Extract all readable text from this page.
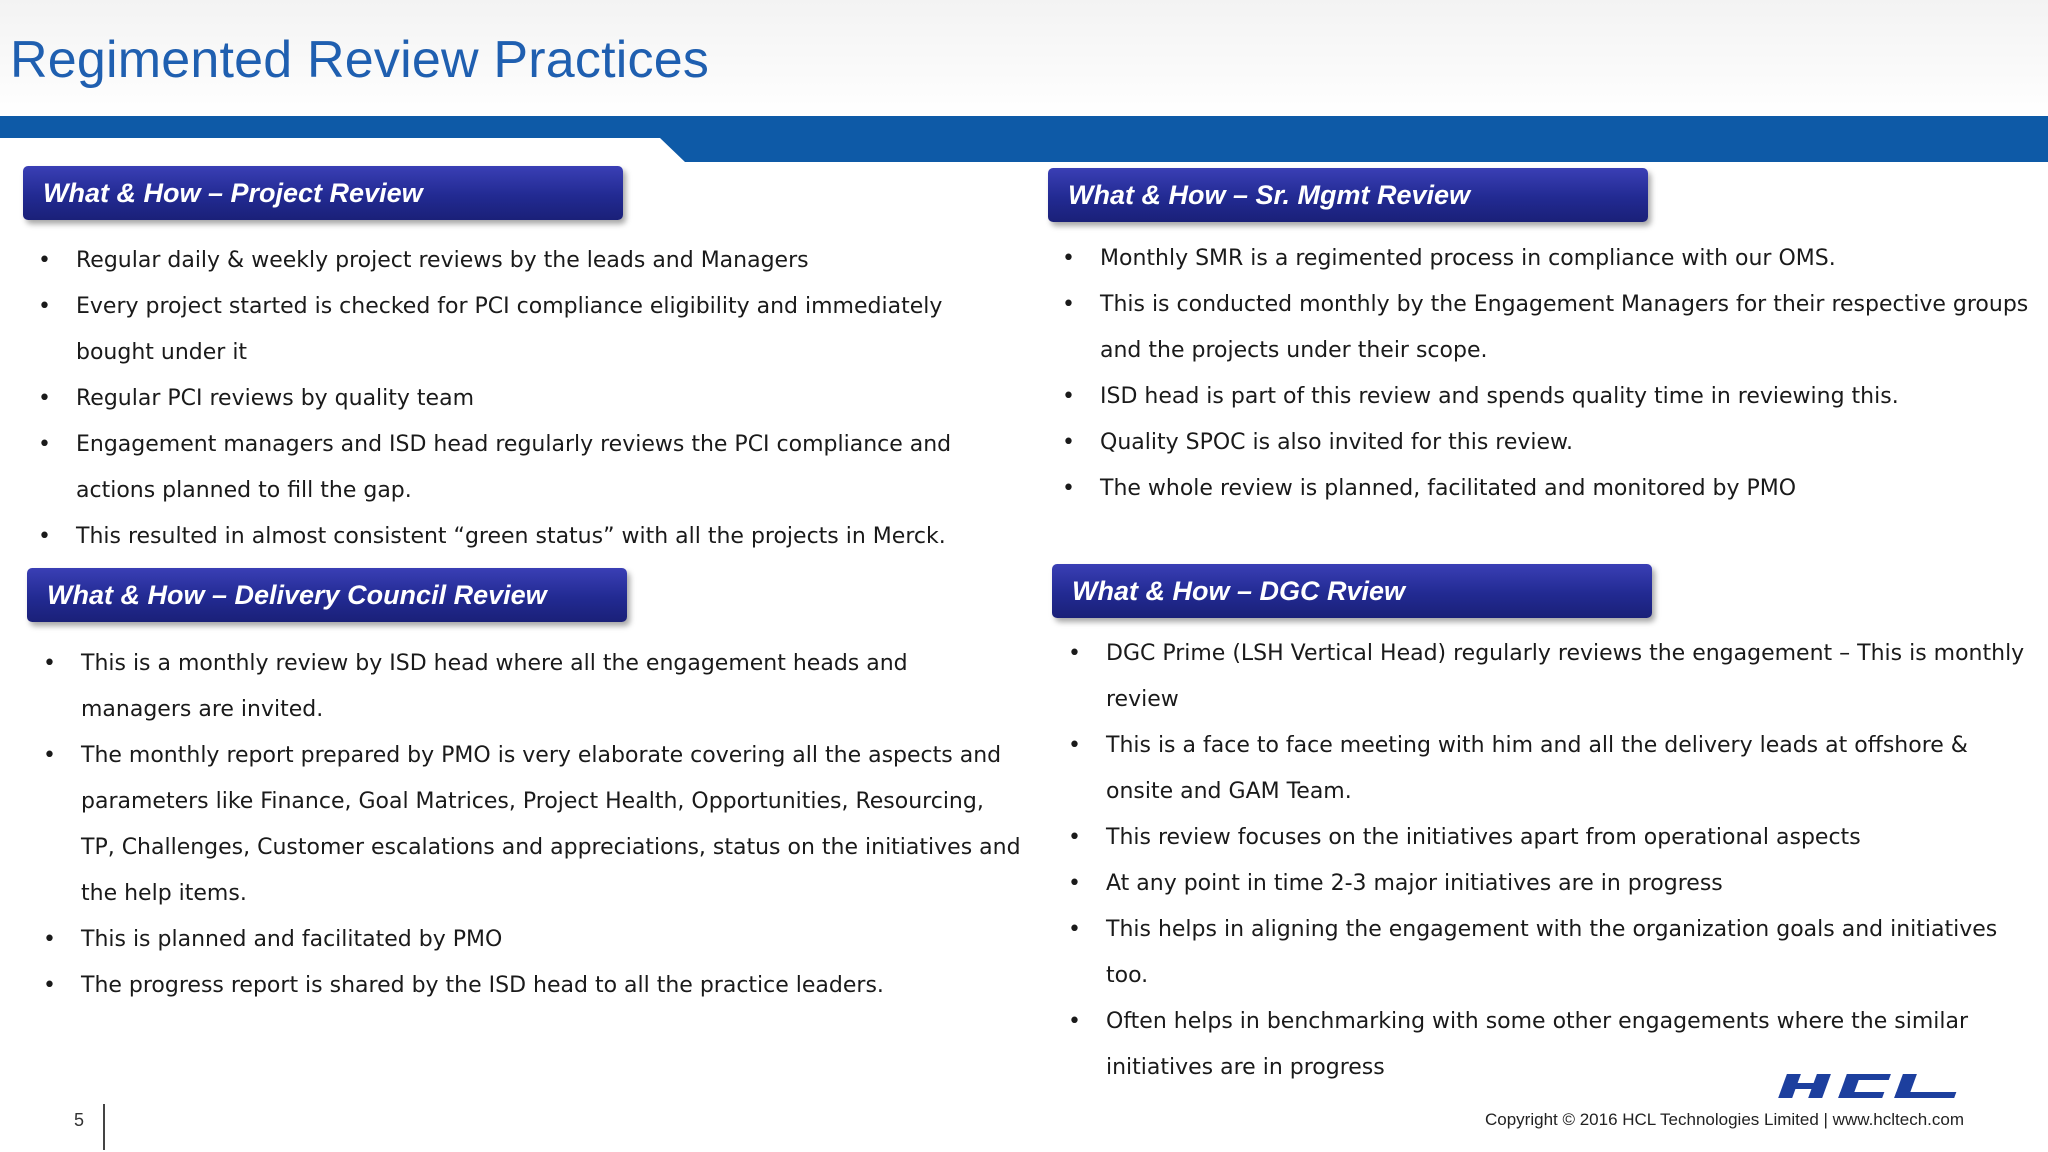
Regimented Review Practices
What & How – Project Review
• Regular daily & weekly project reviews by the leads and Managers
• Every project started is checked for PCI compliance eligibility and immediately bought under it
• Regular PCI reviews by quality team
• Engagement managers and ISD head regularly reviews the PCI compliance and actions planned to fill the gap.
• This resulted in almost consistent “green status” with all the projects in Merck.
What & How – Sr. Mgmt Review
• Monthly SMR is a regimented process in compliance with our OMS.
• This is conducted monthly by the Engagement Managers for their respective groups and the projects under their scope.
• ISD head is part of this review and spends quality time in reviewing this.
• Quality SPOC is also invited for this review.
• The whole review is planned, facilitated and monitored by PMO
What & How – Delivery Council Review
• This is a monthly review by ISD head where all the engagement heads and managers are invited.
• The monthly report prepared by PMO is very elaborate covering all the aspects and parameters like Finance, Goal Matrices, Project Health, Opportunities, Resourcing, TP, Challenges, Customer escalations and appreciations, status on the initiatives and the help items.
• This is planned and facilitated by PMO
• The progress report is shared by the ISD head to all the practice leaders.
What & How – DGC Rview
• DGC Prime (LSH Vertical Head) regularly reviews the engagement – This is monthly review
• This is a face to face meeting with him and all the delivery leads at offshore & onsite and GAM Team.
• This review focuses on the initiatives apart from operational aspects
• At any point in time 2-3 major initiatives are in progress
• This helps in aligning the engagement with the organization goals and initiatives too.
• Often helps in benchmarking with some other engagements where the similar initiatives are in progress
5	Copyright © 2016 HCL Technologies Limited | www.hcltech.com
